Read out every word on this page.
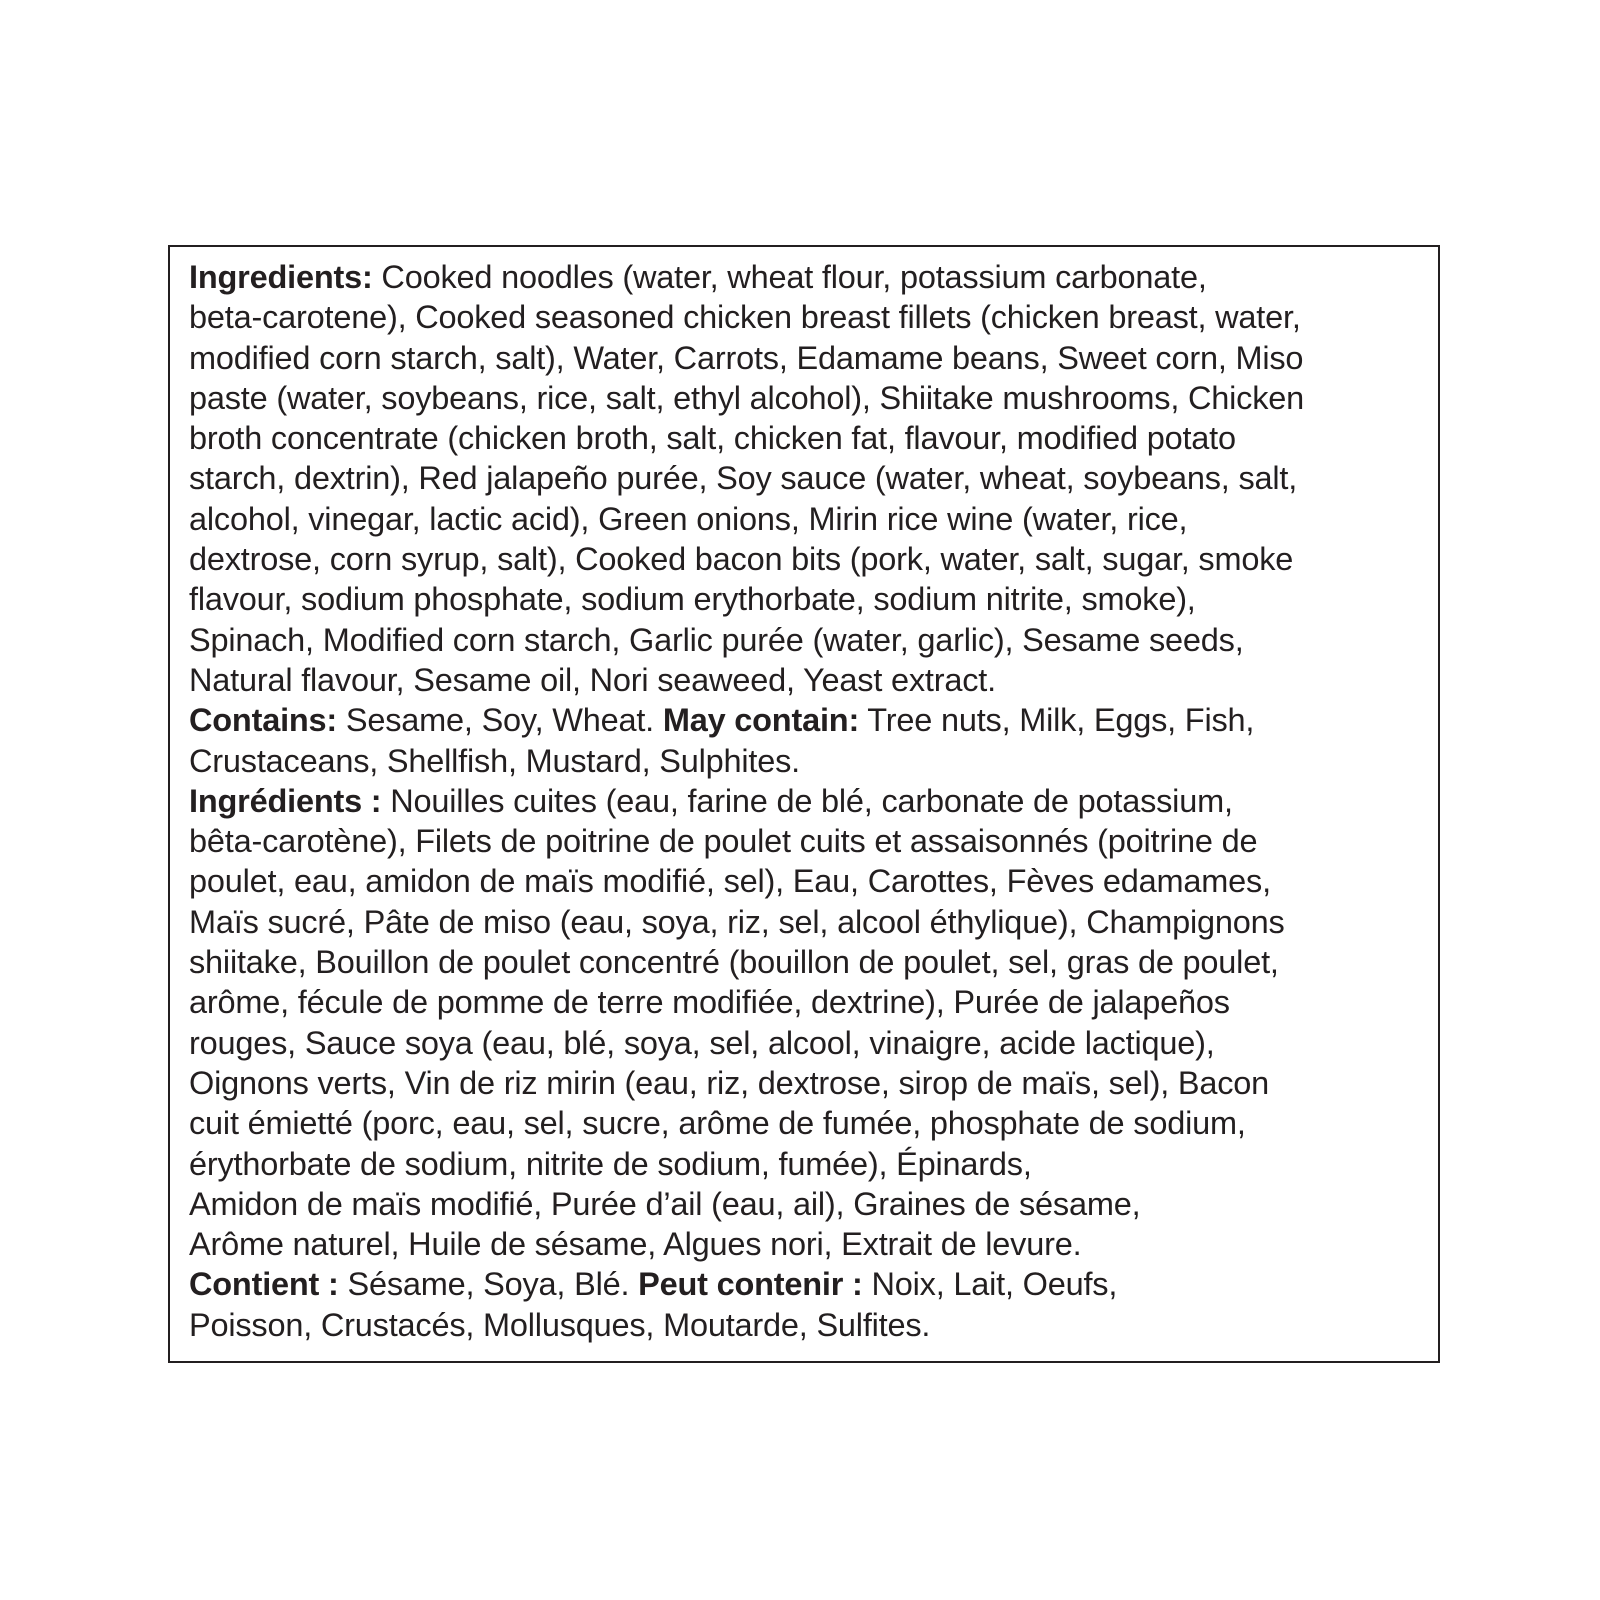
Ingredients: Cooked noodles (water, wheat flour, potassium carbonate,
beta-carotene), Cooked seasoned chicken breast fillets (chicken breast, water,
modified corn starch, salt), Water, Carrots, Edamame beans, Sweet corn, Miso
paste (water, soybeans, rice, salt, ethyl alcohol), Shiitake mushrooms, Chicken
broth concentrate (chicken broth, salt, chicken fat, flavour, modified potato
starch, dextrin), Red jalapeño purée, Soy sauce (water, wheat, soybeans, salt,
alcohol, vinegar, lactic acid), Green onions, Mirin rice wine (water, rice,
dextrose, corn syrup, salt), Cooked bacon bits (pork, water, salt, sugar, smoke
flavour, sodium phosphate, sodium erythorbate, sodium nitrite, smoke),
Spinach, Modified corn starch, Garlic purée (water, garlic), Sesame seeds,
Natural flavour, Sesame oil, Nori seaweed, Yeast extract.
Contains: Sesame, Soy, Wheat. May contain: Tree nuts, Milk, Eggs, Fish,
Crustaceans, Shellfish, Mustard, Sulphites.
Ingrédients : Nouilles cuites (eau, farine de blé, carbonate de potassium,
bêta-carotène), Filets de poitrine de poulet cuits et assaisonnés (poitrine de
poulet, eau, amidon de maïs modifié, sel), Eau, Carottes, Fèves edamames,
Maïs sucré, Pâte de miso (eau, soya, riz, sel, alcool éthylique), Champignons
shiitake, Bouillon de poulet concentré (bouillon de poulet, sel, gras de poulet,
arôme, fécule de pomme de terre modifiée, dextrine), Purée de jalapeños
rouges, Sauce soya (eau, blé, soya, sel, alcool, vinaigre, acide lactique),
Oignons verts, Vin de riz mirin (eau, riz, dextrose, sirop de maïs, sel), Bacon
cuit émietté (porc, eau, sel, sucre, arôme de fumée, phosphate de sodium,
érythorbate de sodium, nitrite de sodium, fumée), Épinards,
Amidon de maïs modifié, Purée d’ail (eau, ail), Graines de sésame,
Arôme naturel, Huile de sésame, Algues nori, Extrait de levure.
Contient : Sésame, Soya, Blé. Peut contenir : Noix, Lait, Oeufs,
Poisson, Crustacés, Mollusques, Moutarde, Sulfites.
